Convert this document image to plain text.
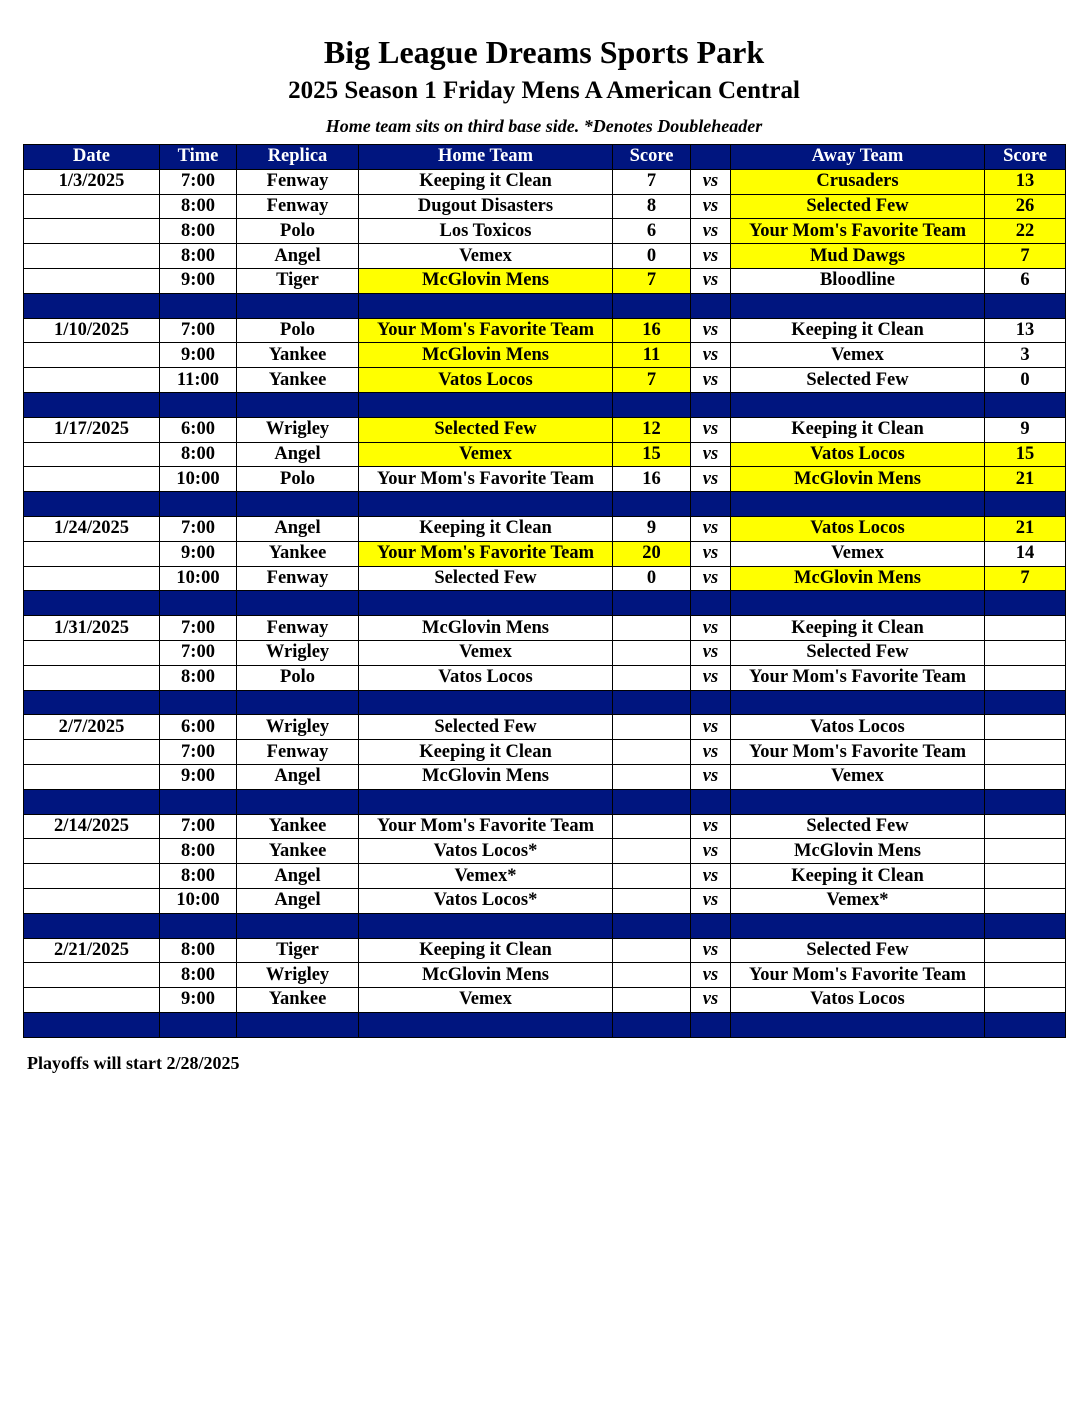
Big League Dreams Sports Park
2025 Season 1 Friday Mens A American Central
Home team sits on third base side. *Denotes Doubleheader
Date	Time	Replica	Home Team	Score		Away Team	Score
1/3/2025	7:00	Fenway	Keeping it Clean	7	vs	Crusaders	13
	8:00	Fenway	Dugout Disasters	8	vs	Selected Few	26
	8:00	Polo	Los Toxicos	6	vs	Your Mom's Favorite Team	22
	8:00	Angel	Vemex	0	vs	Mud Dawgs	7
	9:00	Tiger	McGlovin Mens	7	vs	Bloodline	6

1/10/2025	7:00	Polo	Your Mom's Favorite Team	16	vs	Keeping it Clean	13
	9:00	Yankee	McGlovin Mens	11	vs	Vemex	3
	11:00	Yankee	Vatos Locos	7	vs	Selected Few	0

1/17/2025	6:00	Wrigley	Selected Few	12	vs	Keeping it Clean	9
	8:00	Angel	Vemex	15	vs	Vatos Locos	15
	10:00	Polo	Your Mom's Favorite Team	16	vs	McGlovin Mens	21

1/24/2025	7:00	Angel	Keeping it Clean	9	vs	Vatos Locos	21
	9:00	Yankee	Your Mom's Favorite Team	20	vs	Vemex	14
	10:00	Fenway	Selected Few	0	vs	McGlovin Mens	7

1/31/2025	7:00	Fenway	McGlovin Mens		vs	Keeping it Clean	
	7:00	Wrigley	Vemex		vs	Selected Few	
	8:00	Polo	Vatos Locos		vs	Your Mom's Favorite Team	

2/7/2025	6:00	Wrigley	Selected Few		vs	Vatos Locos	
	7:00	Fenway	Keeping it Clean		vs	Your Mom's Favorite Team	
	9:00	Angel	McGlovin Mens		vs	Vemex	

2/14/2025	7:00	Yankee	Your Mom's Favorite Team		vs	Selected Few	
	8:00	Yankee	Vatos Locos*		vs	McGlovin Mens	
	8:00	Angel	Vemex*		vs	Keeping it Clean	
	10:00	Angel	Vatos Locos*		vs	Vemex*	

2/21/2025	8:00	Tiger	Keeping it Clean		vs	Selected Few	
	8:00	Wrigley	McGlovin Mens		vs	Your Mom's Favorite Team	
	9:00	Yankee	Vemex		vs	Vatos Locos	

Playoffs will start 2/28/2025
